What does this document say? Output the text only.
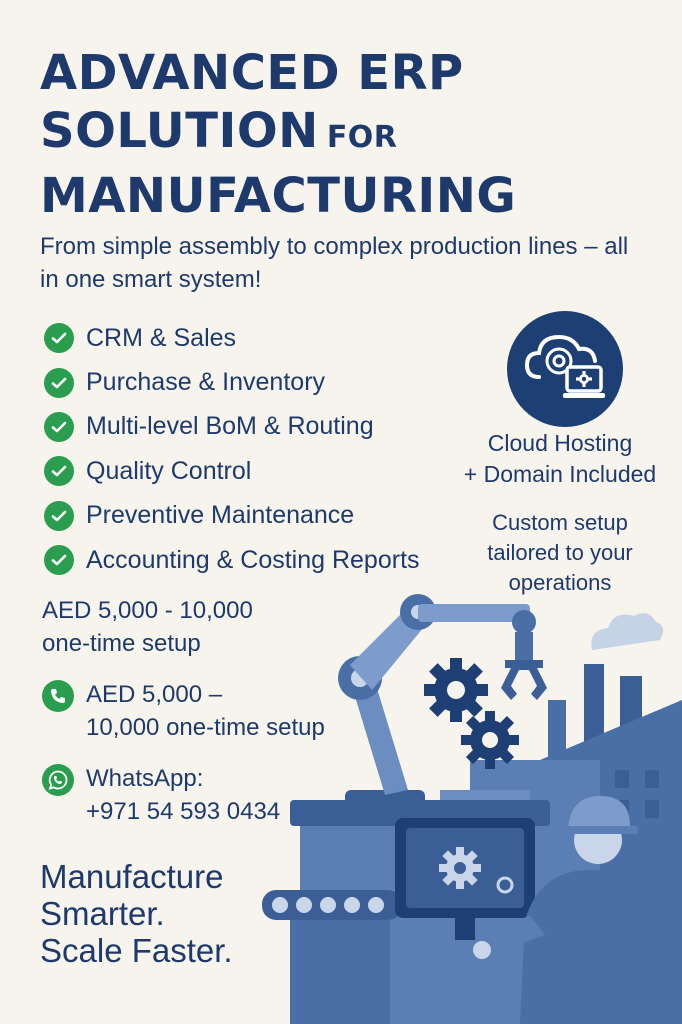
ADVANCED ERP
SOLUTION FOR
MANUFACTURING

From simple assembly to complex production lines – all in one smart system!

CRM & Sales
Purchase & Inventory
Multi-level BoM & Routing
Quality Control
Preventive Maintenance
Accounting & Costing Reports
Cloud Hosting
+ Domain Included
Custom setup
tailored to your
operations
AED 5,000 - 10,000
one-time setup
AED 5,000 –
10,000 one-time setup
WhatsApp:
+971 54 593 0434
Manufacture
Smarter.
Scale Faster.
